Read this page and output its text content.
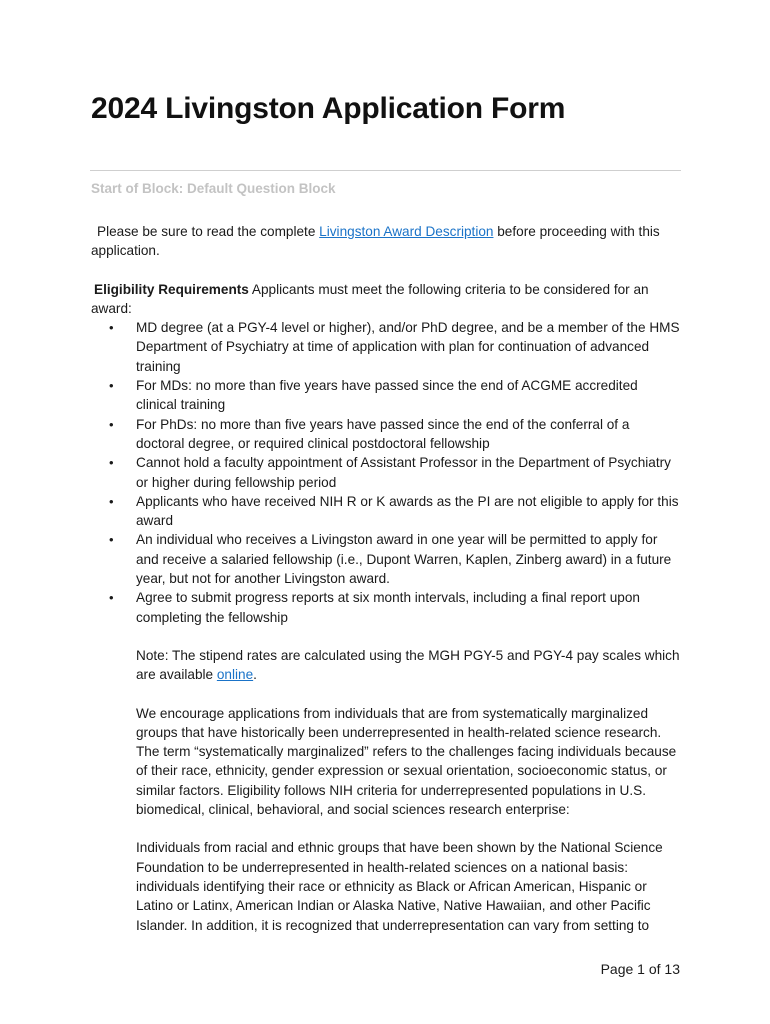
2024 Livingston Application Form
Start of Block: Default Question Block

Please be sure to read the complete Livingston Award Description before proceeding with this application.

Eligibility Requirements Applicants must meet the following criteria to be considered for an award:

• MD degree (at a PGY-4 level or higher), and/or PhD degree, and be a member of the HMS Department of Psychiatry at time of application with plan for continuation of advanced training
• For MDs: no more than five years have passed since the end of ACGME accredited clinical training
• For PhDs: no more than five years have passed since the end of the conferral of a doctoral degree, or required clinical postdoctoral fellowship
• Cannot hold a faculty appointment of Assistant Professor in the Department of Psychiatry or higher during fellowship period
• Applicants who have received NIH R or K awards as the PI are not eligible to apply for this award
• An individual who receives a Livingston award in one year will be permitted to apply for and receive a salaried fellowship (i.e., Dupont Warren, Kaplen, Zinberg award) in a future year, but not for another Livingston award.
• Agree to submit progress reports at six month intervals, including a final report upon completing the fellowship

Note: The stipend rates are calculated using the MGH PGY-5 and PGY-4 pay scales which are available online.

We encourage applications from individuals that are from systematically marginalized groups that have historically been underrepresented in health-related science research. The term “systematically marginalized” refers to the challenges facing individuals because of their race, ethnicity, gender expression or sexual orientation, socioeconomic status, or similar factors. Eligibility follows NIH criteria for underrepresented populations in U.S. biomedical, clinical, behavioral, and social sciences research enterprise:

Individuals from racial and ethnic groups that have been shown by the National Science Foundation to be underrepresented in health-related sciences on a national basis: individuals identifying their race or ethnicity as Black or African American, Hispanic or Latino or Latinx, American Indian or Alaska Native, Native Hawaiian, and other Pacific Islander. In addition, it is recognized that underrepresentation can vary from setting to

Page 1 of 13
